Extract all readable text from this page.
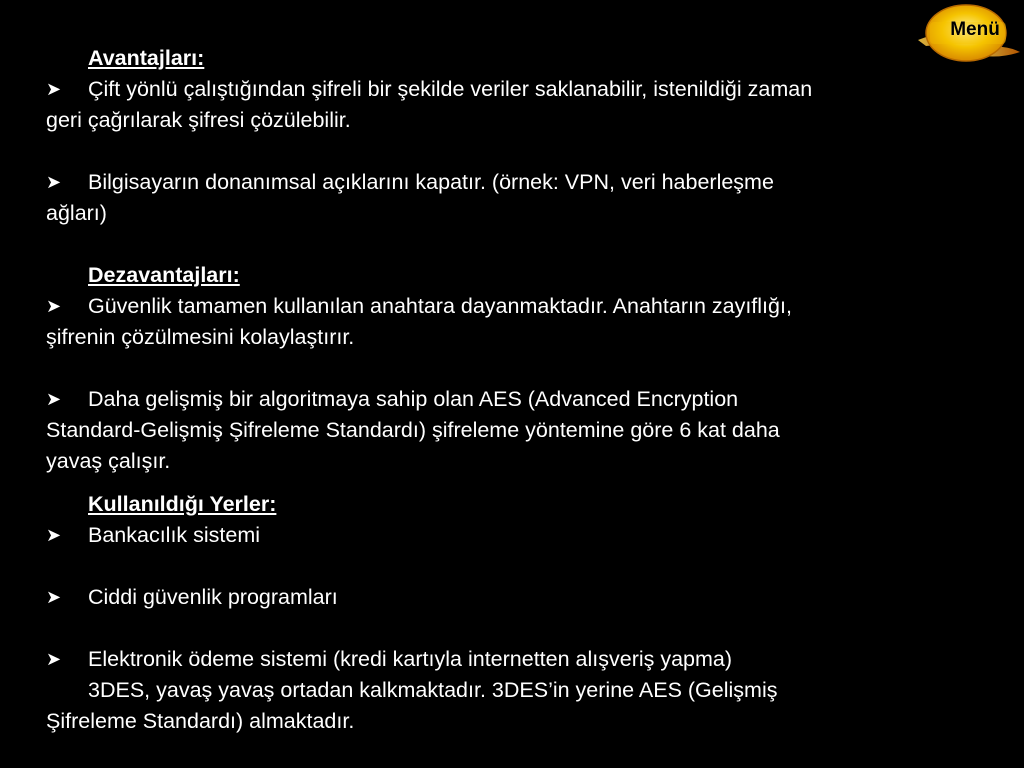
Menü

Avantajları:

➤ Çift yönlü çalıştığından şifreli bir şekilde veriler saklanabilir, istenildiği zaman
geri çağrılarak şifresi çözülebilir.
➤ Bilgisayarın donanımsal açıklarını kapatır. (örnek: VPN, veri haberleşme
ağları)

Dezavantajları:

➤ Güvenlik tamamen kullanılan anahtara dayanmaktadır. Anahtarın zayıflığı,
şifrenin çözülmesini kolaylaştırır.
➤ Daha gelişmiş bir algoritmaya sahip olan AES (Advanced Encryption
Standard-Gelişmiş Şifreleme Standardı) şifreleme yöntemine göre 6 kat daha
yavaş çalışır.

Kullanıldığı Yerler:

➤ Bankacılık sistemi
➤ Ciddi güvenlik programları
➤ Elektronik ödeme sistemi (kredi kartıyla internetten alışveriş yapma)
3DES, yavaş yavaş ortadan kalkmaktadır. 3DES’in yerine AES (Gelişmiş
Şifreleme Standardı) almaktadır.
